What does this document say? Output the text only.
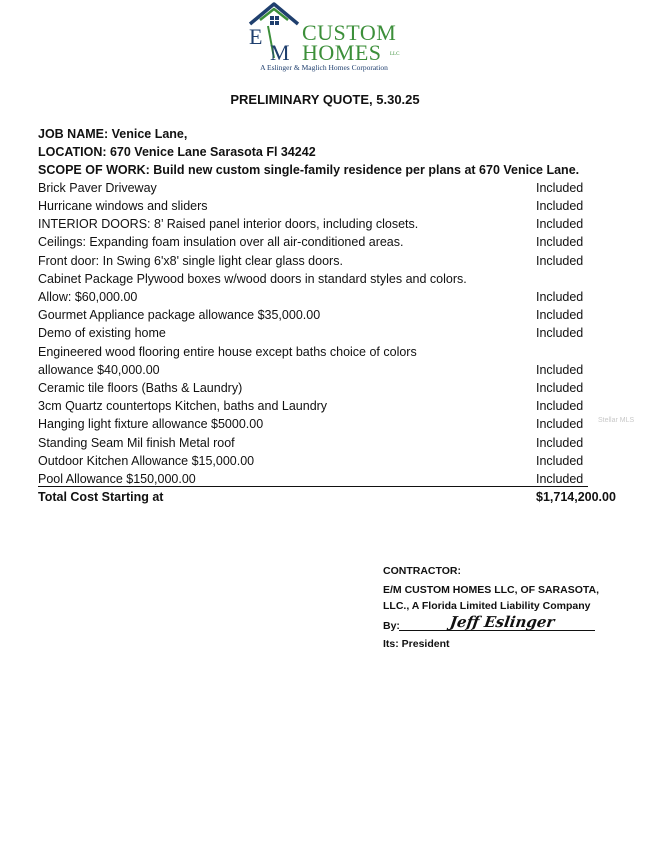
E
M
CUSTOM
HOMES LLC
A Eslinger & Maglich Homes Corporation
PRELIMINARY QUOTE, 5.30.25
JOB NAME: Venice Lane,
LOCATION: 670 Venice Lane Sarasota Fl 34242
SCOPE OF WORK: Build new custom single-family residence per plans at 670 Venice Lane.
Brick Paver Driveway	Included
Hurricane windows and sliders	Included
INTERIOR DOORS: 8’ Raised panel interior doors, including closets.	Included
Ceilings: Expanding foam insulation over all air-conditioned areas.	Included
Front door: In Swing 6'x8' single light clear glass doors.	Included
Cabinet Package Plywood boxes w/wood doors in standard styles and colors.
Allow: $60,000.00	Included
Gourmet Appliance package allowance $35,000.00	Included
Demo of existing home	Included
Engineered wood flooring entire house except baths choice of colors
allowance $40,000.00	Included
Ceramic tile floors (Baths & Laundry)	Included
3cm Quartz countertops Kitchen, baths and Laundry	Included
Hanging light fixture allowance $5000.00	Included
Standing Seam Mil finish Metal roof	Included
Outdoor Kitchen Allowance $15,000.00	Included
Pool Allowance $150,000.00	Included
Total Cost Starting at	$1,714,200.00
Stellar MLS
CONTRACTOR:
E/M CUSTOM HOMES LLC, OF SARASOTA,
LLC., A Florida Limited Liability Company
By:	Jeff Eslinger
Its: President
